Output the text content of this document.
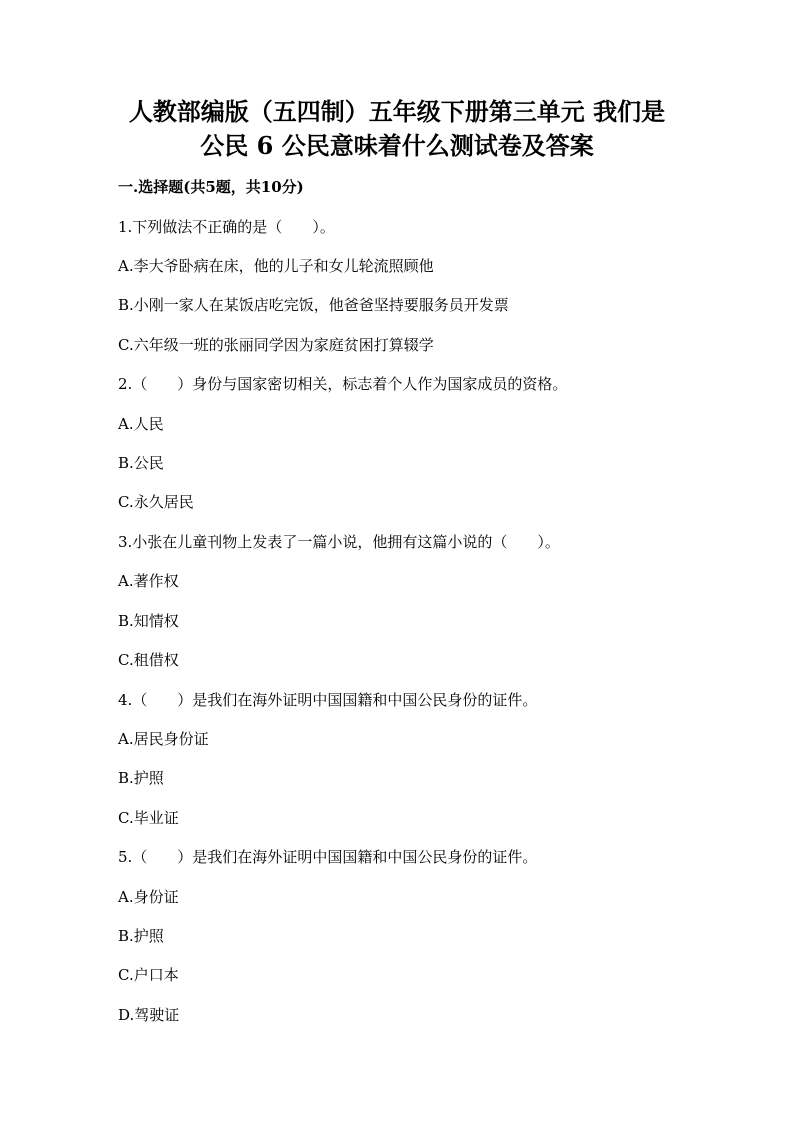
人教部编版（五四制）五年级下册第三单元 我们是
公民 6 公民意味着什么测试卷及答案

一.选择题(共5题，共10分)

1.下列做法不正确的是（　　）。

A.李大爷卧病在床，他的儿子和女儿轮流照顾他

B.小刚一家人在某饭店吃完饭，他爸爸坚持要服务员开发票

C.六年级一班的张丽同学因为家庭贫困打算辍学

2.（　　）身份与国家密切相关，标志着个人作为国家成员的资格。

A.人民

B.公民

C.永久居民

3.小张在儿童刊物上发表了一篇小说，他拥有这篇小说的（　　）。

A.著作权

B.知情权

C.租借权

4.（　　）是我们在海外证明中国国籍和中国公民身份的证件。

A.居民身份证

B.护照

C.毕业证

5.（　　）是我们在海外证明中国国籍和中国公民身份的证件。

A.身份证

B.护照

C.户口本

D.驾驶证
